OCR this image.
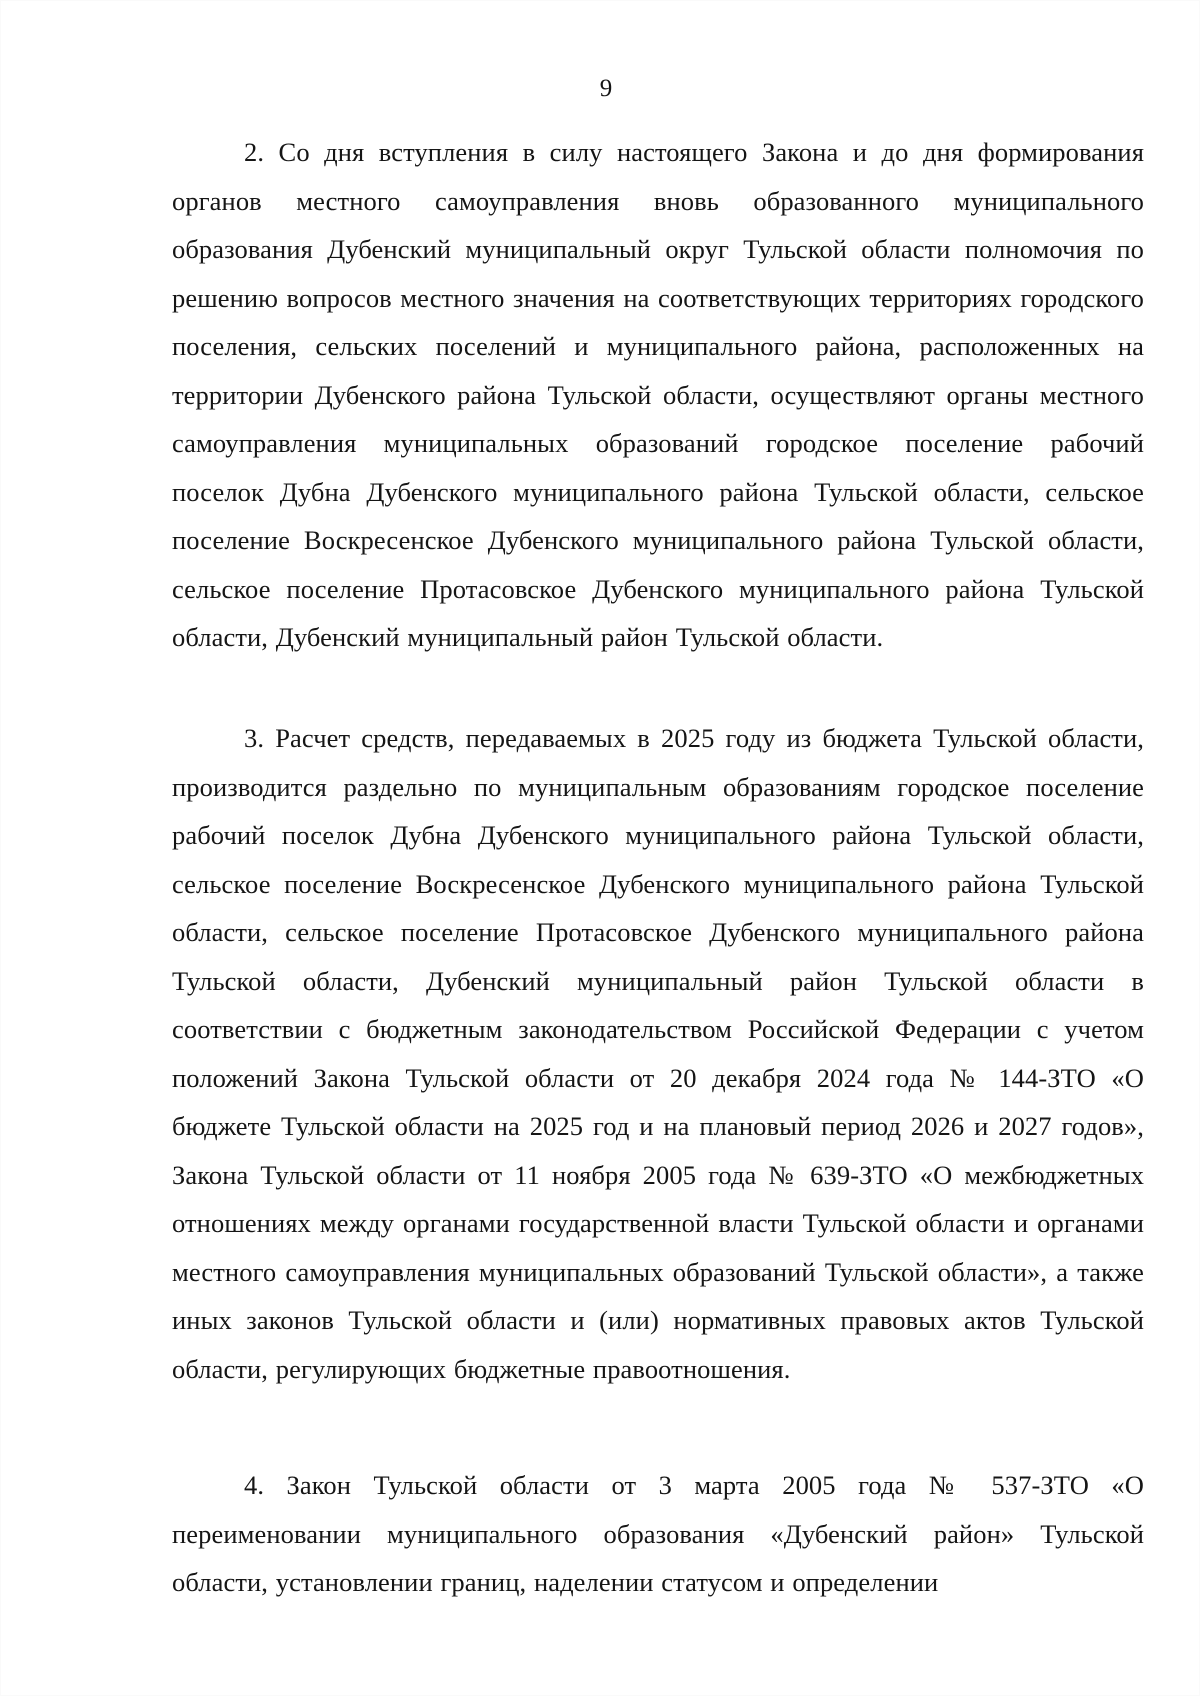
9

2. Со дня вступления в силу настоящего Закона и до дня формирования органов местного самоуправления вновь образованного муниципального образования Дубенский муниципальный округ Тульской области полномочия по решению вопросов местного значения на соответствующих территориях городского поселения, сельских поселений и муниципального района, расположенных на территории Дубенского района Тульской области, осуществляют органы местного самоуправления муниципальных образований городское поселение рабочий поселок Дубна Дубенского муниципального района Тульской области, сельское поселение Воскресенское Дубенского муниципального района Тульской области, сельское поселение Протасовское Дубенского муниципального района Тульской области, Дубенский муниципальный район Тульской области.

3. Расчет средств, передаваемых в 2025 году из бюджета Тульской области, производится раздельно по муниципальным образованиям городское поселение рабочий поселок Дубна Дубенского муниципального района Тульской области, сельское поселение Воскресенское Дубенского муниципального района Тульской области, сельское поселение Протасовское Дубенского муниципального района Тульской области, Дубенский муниципальный район Тульской области в соответствии с бюджетным законодательством Российской Федерации с учетом положений Закона Тульской области от 20 декабря 2024 года № 144-ЗТО «О бюджете Тульской области на 2025 год и на плановый период 2026 и 2027 годов», Закона Тульской области от 11 ноября 2005 года № 639-ЗТО «О межбюджетных отношениях между органами государственной власти Тульской области и органами местного самоуправления муниципальных образований Тульской области», а также иных законов Тульской области и (или) нормативных правовых актов Тульской области, регулирующих бюджетные правоотношения.

4. Закон Тульской области от 3 марта 2005 года № 537-ЗТО «О переименовании муниципального образования «Дубенский район» Тульской области, установлении границ, наделении статусом и определении
